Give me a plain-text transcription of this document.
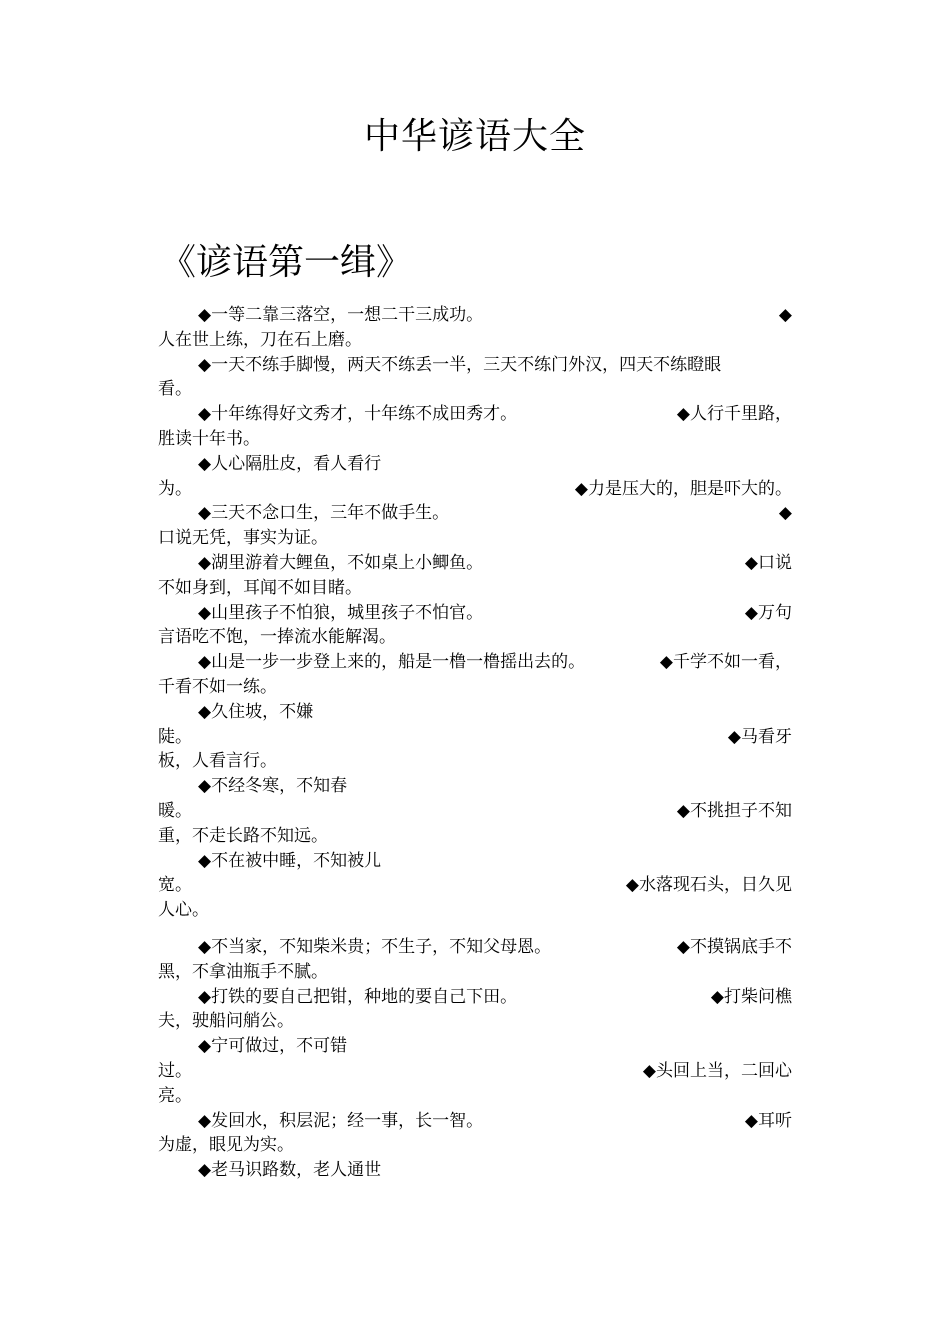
中华谚语大全
《谚语第一缉》
◆一等二靠三落空，一想二干三成功。	◆
人在世上练，刀在石上磨。
◆一天不练手脚慢，两天不练丢一半，三天不练门外汉，四天不练瞪眼
看。
◆十年练得好文秀才，十年练不成田秀才。	◆人行千里路，
胜读十年书。
◆人心隔肚皮，看人看行
为。	◆力是压大的，胆是吓大的。
◆三天不念口生，三年不做手生。	◆
口说无凭，事实为证。
◆湖里游着大鲤鱼，不如桌上小鲫鱼。	◆口说
不如身到，耳闻不如目睹。
◆山里孩子不怕狼，城里孩子不怕官。	◆万句
言语吃不饱，一捧流水能解渴。
◆山是一步一步登上来的，船是一橹一橹摇出去的。	◆千学不如一看，
千看不如一练。
◆久住坡，不嫌
陡。	◆马看牙
板，人看言行。
◆不经冬寒，不知春
暖。	◆不挑担子不知
重，不走长路不知远。
◆不在被中睡，不知被儿
宽。	◆水落现石头，日久见
人心。
◆不当家，不知柴米贵；不生子，不知父母恩。	◆不摸锅底手不
黑，不拿油瓶手不腻。
◆打铁的要自己把钳，种地的要自己下田。	◆打柴问樵
夫，驶船问艄公。
◆宁可做过，不可错
过。	◆头回上当，二回心
亮。
◆发回水，积层泥；经一事，长一智。	◆耳听
为虚，眼见为实。
◆老马识路数，老人通世
